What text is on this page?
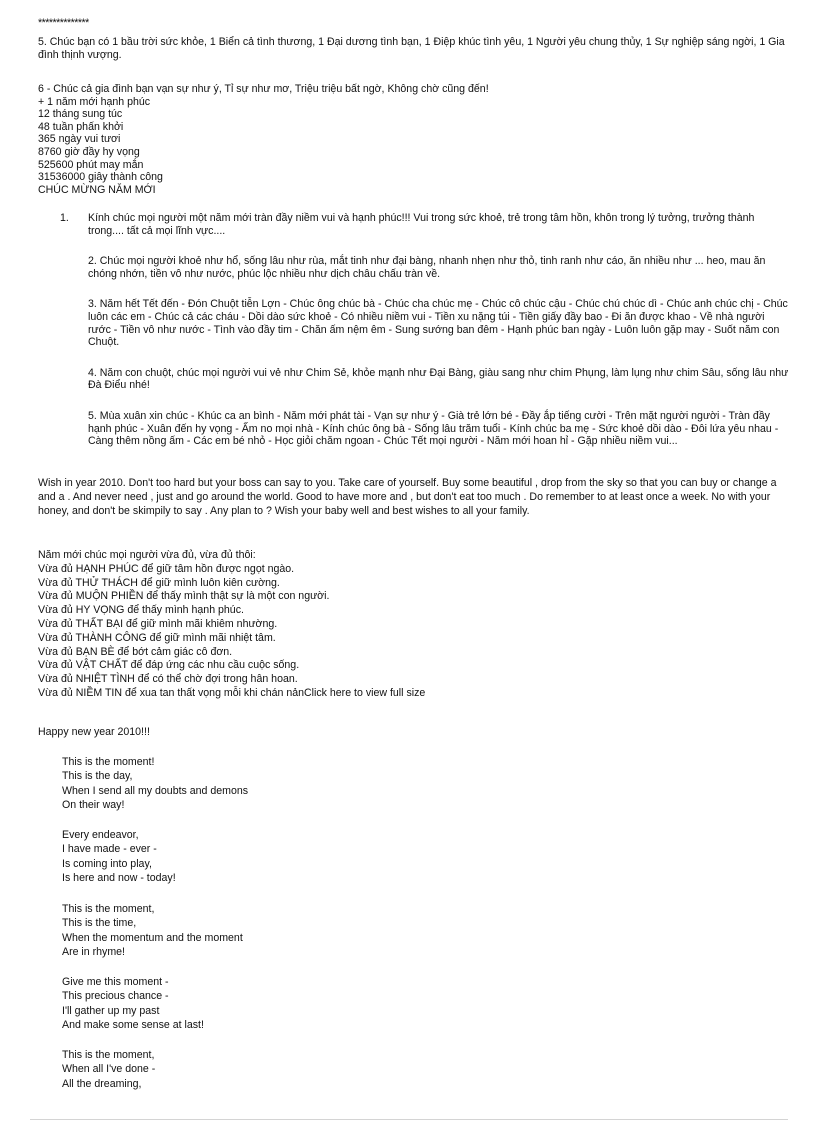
**************
5. Chúc bạn có 1 bầu trời sức khỏe, 1 Biển cả tình thương, 1 Đại dương tình bạn, 1 Điệp khúc tình yêu, 1 Người yêu chung thủy, 1 Sự nghiệp sáng ngời, 1 Gia đình thịnh vượng.
6 - Chúc cả gia đình bạn vạn sự như ý, Tỉ sự như mơ, Triệu triệu bất ngờ, Không chờ cũng đến!
+ 1 năm mới hạnh phúc
12 tháng sung túc
48 tuần phấn khởi
365 ngày vui tươi
8760 giờ đầy hy vọng
525600 phút may mắn
31536000 giây thành công
CHÚC MỪNG NĂM MỚI
1. Kính chúc mọi người một năm mới tràn đầy niềm vui và hạnh phúc!!! Vui trong sức khoẻ, trẻ trong tâm hồn, khôn trong lý tưởng, trưởng thành trong.... tất cả mọi lĩnh vực....

2. Chúc mọi người khoẻ như hổ, sống lâu như rùa, mắt tinh như đại bàng, nhanh nhẹn như thỏ, tinh ranh như cáo, ăn nhiều như ... heo, mau ăn chóng nhớn, tiền vô như nước, phúc lộc nhiều như dịch châu chấu tràn về.

3. Năm hết Tết đến - Đón Chuột tiễn Lợn - Chúc ông chúc bà - Chúc cha chúc mẹ - Chúc cô chúc cậu - Chúc chú chúc dì - Chúc anh chúc chị - Chúc luôn các em - Chúc cả các cháu - Dồi dào sức khoẻ - Có nhiều niềm vui - Tiền xu nặng túi - Tiền giấy đầy bao - Đi ăn được khao - Về nhà người rước - Tiền vô như nước - Tình vào đầy tim - Chăn ấm nệm êm - Sung sướng ban đêm - Hạnh phúc ban ngày - Luôn luôn gặp may - Suốt năm con Chuột.

4. Năm con chuột, chúc mọi người vui vẻ như Chim Sẻ, khỏe mạnh như Đại Bàng, giàu sang như chim Phụng, làm lụng như chim Sâu, sống lâu như Đà Điểu nhé!

5. Mùa xuân xin chúc - Khúc ca an bình - Năm mới phát tài - Vạn sự như ý - Già trẻ lớn bé - Đầy ắp tiếng cười - Trên mặt người người - Tràn đầy hạnh phúc - Xuân đến hy vọng - Ấm no mọi nhà - Kính chúc ông bà - Sống lâu trăm tuổi - Kính chúc ba mẹ - Sức khoẻ dồi dào - Đôi lứa yêu nhau - Càng thêm nồng ấm - Các em bé nhỏ - Học giỏi chăm ngoan - Chúc Tết mọi người - Năm mới hoan hỉ - Gặp nhiều niềm vui...

Wish in year 2010. Don't too hard but your boss can say to you. Take care of yourself. Buy some beautiful , drop from the sky so that you can buy or change a and a . And never need , just and go around the world. Good to have more and , but don't eat too much . Do remember to at least once a week. No with your honey, and don't be skimpily to say . Any plan to ? Wish your baby well and best wishes to all your family.
Năm mới chúc mọi người vừa đủ, vừa đủ thôi:
Vừa đủ HẠNH PHÚC để giữ tâm hồn được ngọt ngào.
Vừa đủ THỬ THÁCH để giữ mình luôn kiên cường.
Vừa đủ MUỘN PHIỀN để thấy mình thật sự là một con người.
Vừa đủ HY VỌNG để thấy mình hạnh phúc.
Vừa đủ THẤT BẠI để giữ mình mãi khiêm nhường.
Vừa đủ THÀNH CÔNG để giữ mình mãi nhiệt tâm.
Vừa đủ BẠN BÈ để bớt cảm giác cô đơn.
Vừa đủ VẬT CHẤT để đáp ứng các nhu cầu cuộc sống.
Vừa đủ NHIỆT TÌNH để có thể chờ đợi trong hân hoan.
Vừa đủ NIỀM TIN để xua tan thất vọng mỗi khi chán nảnClick here to view full size
Happy new year 2010!!!
This is the moment!
This is the day,
When I send all my doubts and demons
On their way!
Every endeavor,
I have made - ever -
Is coming into play,
Is here and now - today!
This is the moment,
This is the time,
When the momentum and the moment
Are in rhyme!
Give me this moment -
This precious chance -
I'll gather up my past
And make some sense at last!
This is the moment,
When all I've done -
All the dreaming,
